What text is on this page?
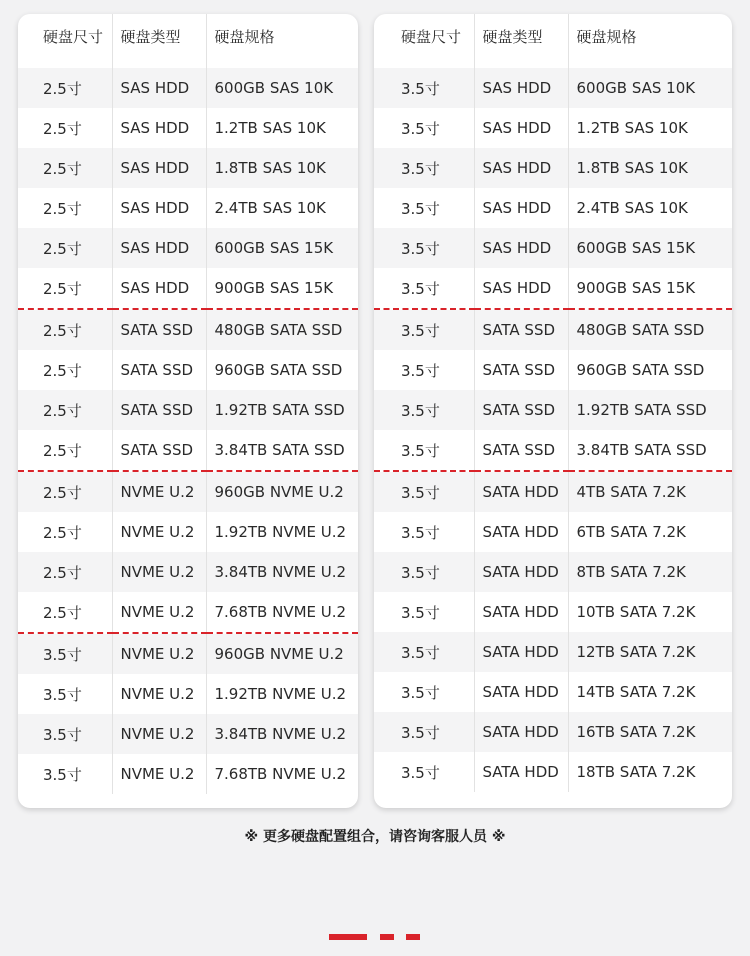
硬盘尺寸	硬盘类型	硬盘规格
2.5寸	SAS HDD	600GB SAS 10K
2.5寸	SAS HDD	1.2TB SAS 10K
2.5寸	SAS HDD	1.8TB SAS 10K
2.5寸	SAS HDD	2.4TB SAS 10K
2.5寸	SAS HDD	600GB SAS 15K
2.5寸	SAS HDD	900GB SAS 15K
2.5寸	SATA SSD	480GB SATA SSD
2.5寸	SATA SSD	960GB SATA SSD
2.5寸	SATA SSD	1.92TB SATA SSD
2.5寸	SATA SSD	3.84TB SATA SSD
2.5寸	NVME U.2	960GB NVME U.2
2.5寸	NVME U.2	1.92TB NVME U.2
2.5寸	NVME U.2	3.84TB NVME U.2
2.5寸	NVME U.2	7.68TB NVME U.2
3.5寸	NVME U.2	960GB NVME U.2
3.5寸	NVME U.2	1.92TB NVME U.2
3.5寸	NVME U.2	3.84TB NVME U.2
3.5寸	NVME U.2	7.68TB NVME U.2
硬盘尺寸	硬盘类型	硬盘规格
3.5寸	SAS HDD	600GB SAS 10K
3.5寸	SAS HDD	1.2TB SAS 10K
3.5寸	SAS HDD	1.8TB SAS 10K
3.5寸	SAS HDD	2.4TB SAS 10K
3.5寸	SAS HDD	600GB SAS 15K
3.5寸	SAS HDD	900GB SAS 15K
3.5寸	SATA SSD	480GB SATA SSD
3.5寸	SATA SSD	960GB SATA SSD
3.5寸	SATA SSD	1.92TB SATA SSD
3.5寸	SATA SSD	3.84TB SATA SSD
3.5寸	SATA HDD	4TB SATA 7.2K
3.5寸	SATA HDD	6TB SATA 7.2K
3.5寸	SATA HDD	8TB SATA 7.2K
3.5寸	SATA HDD	10TB SATA 7.2K
3.5寸	SATA HDD	12TB SATA 7.2K
3.5寸	SATA HDD	14TB SATA 7.2K
3.5寸	SATA HDD	16TB SATA 7.2K
3.5寸	SATA HDD	18TB SATA 7.2K
※ 更多硬盘配置组合，请咨询客服人员 ※
